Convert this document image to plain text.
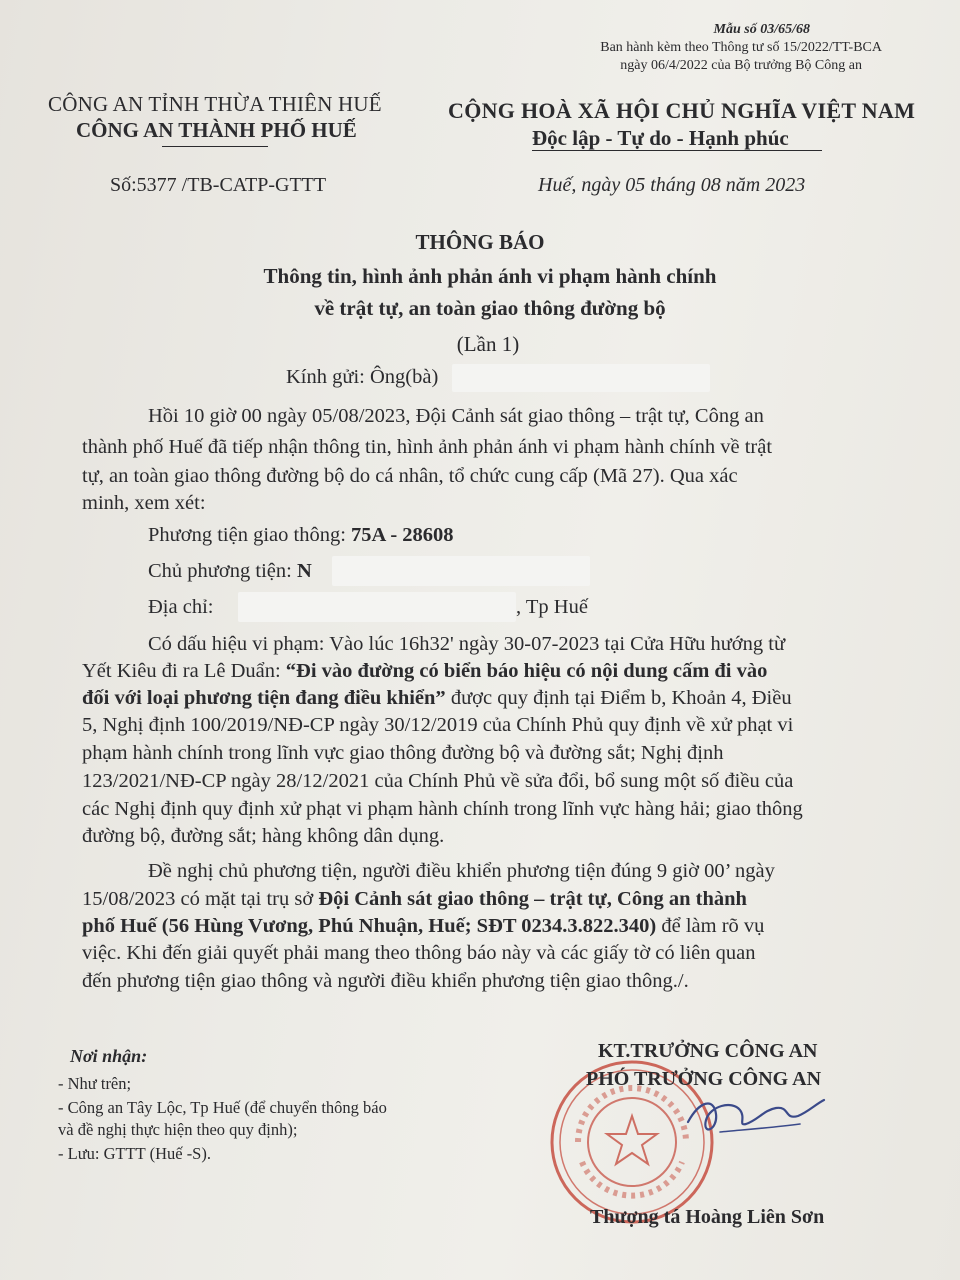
Mẫu số 03/65/68
Ban hành kèm theo Thông tư số 15/2022/TT-BCA
ngày 06/4/2022 của Bộ trưởng Bộ Công an
CÔNG AN TỈNH THỪA THIÊN HUẾ
CÔNG AN THÀNH PHỐ HUẾ
Số:5377 /TB-CATP-GTTT
CỘNG HOÀ XÃ HỘI CHỦ NGHĨA VIỆT NAM
Độc lập - Tự do - Hạnh phúc
Huế, ngày 05 tháng 08 năm 2023
THÔNG BÁO
Thông tin, hình ảnh phản ánh vi phạm hành chính
về trật tự, an toàn giao thông đường bộ
(Lần 1)
Kính gửi: Ông(bà)
Hồi 10 giờ 00 ngày 05/08/2023, Đội Cảnh sát giao thông – trật tự, Công an
thành phố Huế đã tiếp nhận thông tin, hình ảnh phản ánh vi phạm hành chính về trật
tự, an toàn giao thông đường bộ do cá nhân, tổ chức cung cấp (Mã 27). Qua xác
minh, xem xét:
Phương tiện giao thông: 75A - 28608
Chủ phương tiện: N
Địa chỉ:	, Tp Huế
Có dấu hiệu vi phạm: Vào lúc 16h32' ngày 30-07-2023 tại Cửa Hữu hướng từ
Yết Kiêu đi ra Lê Duẩn: “Đi vào đường có biển báo hiệu có nội dung cấm đi vào
đối với loại phương tiện đang điều khiển” được quy định tại Điểm b, Khoản 4, Điều
5, Nghị định 100/2019/NĐ-CP ngày 30/12/2019 của Chính Phủ quy định về xử phạt vi
phạm hành chính trong lĩnh vực giao thông đường bộ và đường sắt; Nghị định
123/2021/NĐ-CP ngày 28/12/2021 của Chính Phủ về sửa đổi, bổ sung một số điều của
các Nghị định quy định xử phạt vi phạm hành chính trong lĩnh vực hàng hải; giao thông
đường bộ, đường sắt; hàng không dân dụng.
Đề nghị chủ phương tiện, người điều khiển phương tiện đúng 9 giờ 00’ ngày
15/08/2023 có mặt tại trụ sở Đội Cảnh sát giao thông – trật tự, Công an thành
phố Huế (56 Hùng Vương, Phú Nhuận, Huế; SĐT 0234.3.822.340) để làm rõ vụ
việc. Khi đến giải quyết phải mang theo thông báo này và các giấy tờ có liên quan
đến phương tiện giao thông và người điều khiển phương tiện giao thông./.
Nơi nhận:
- Như trên;
- Công an Tây Lộc, Tp Huế (để chuyển thông báo
và đề nghị thực hiện theo quy định);
- Lưu: GTTT (Huế -S).
KT.TRƯỞNG CÔNG AN
PHÓ TRƯỞNG CÔNG AN
Thượng tá Hoàng Liên Sơn
